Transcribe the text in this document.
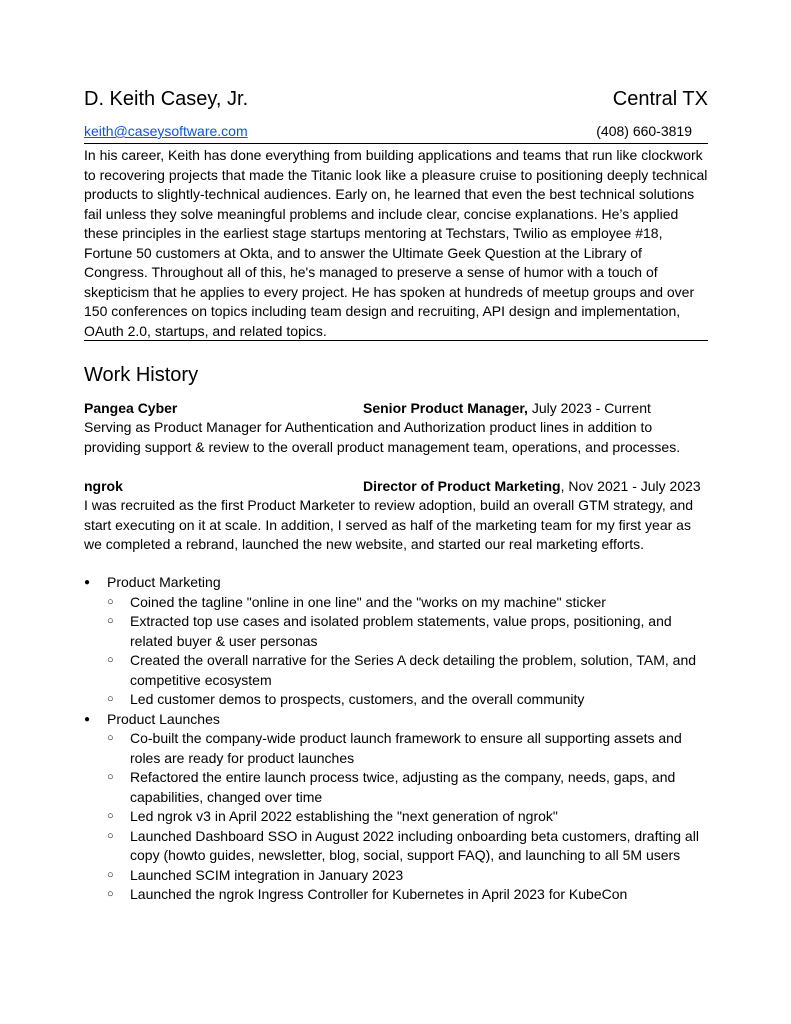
D. Keith Casey, Jr.	Central TX
keith@caseysoftware.com	(408) 660-3819

In his career, Keith has done everything from building applications and teams that run like clockwork to recovering projects that made the Titanic look like a pleasure cruise to positioning deeply technical products to slightly-technical audiences. Early on, he learned that even the best technical solutions fail unless they solve meaningful problems and include clear, concise explanations. He’s applied these principles in the earliest stage startups mentoring at Techstars, Twilio as employee #18, Fortune 50 customers at Okta, and to answer the Ultimate Geek Question at the Library of Congress. Throughout all of this, he's managed to preserve a sense of humor with a touch of skepticism that he applies to every project. He has spoken at hundreds of meetup groups and over 150 conferences on topics including team design and recruiting, API design and implementation, OAuth 2.0, startups, and related topics.

Work History
Pangea Cyber	Senior Product Manager, July 2023 - Current

Serving as Product Manager for Authentication and Authorization product lines in addition to providing support & review to the overall product management team, operations, and processes.

ngrok	Director of Product Marketing, Nov 2021 - July 2023

I was recruited as the first Product Marketer to review adoption, build an overall GTM strategy, and start executing on it at scale. In addition, I served as half of the marketing team for my first year as we completed a rebrand, launched the new website, and started our real marketing efforts.

● Product Marketing
○ Coined the tagline "online in one line" and the "works on my machine" sticker
○ Extracted top use cases and isolated problem statements, value props, positioning, and related buyer & user personas
○ Created the overall narrative for the Series A deck detailing the problem, solution, TAM, and competitive ecosystem
○ Led customer demos to prospects, customers, and the overall community
● Product Launches
○ Co-built the company-wide product launch framework to ensure all supporting assets and roles are ready for product launches
○ Refactored the entire launch process twice, adjusting as the company, needs, gaps, and capabilities, changed over time
○ Led ngrok v3 in April 2022 establishing the "next generation of ngrok"
○ Launched Dashboard SSO in August 2022 including onboarding beta customers, drafting all copy (howto guides, newsletter, blog, social, support FAQ), and launching to all 5M users
○ Launched SCIM integration in January 2023
○ Launched the ngrok Ingress Controller for Kubernetes in April 2023 for KubeCon
